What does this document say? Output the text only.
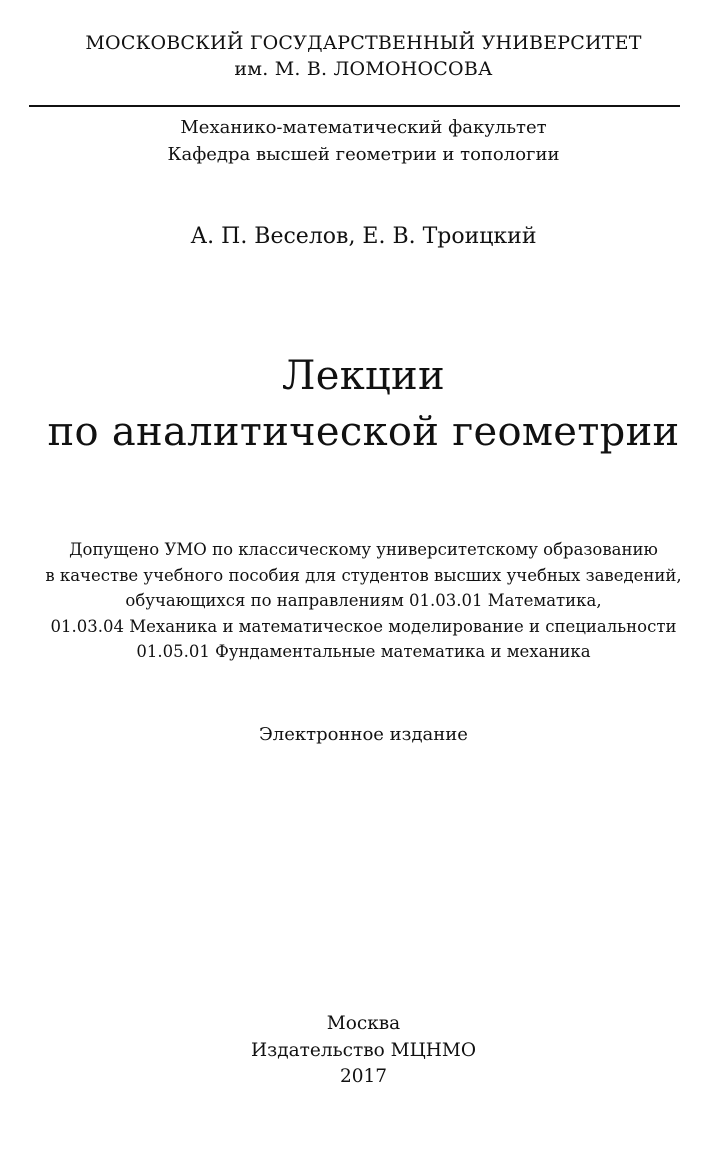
МОСКОВСКИЙ ГОСУДАРСТВЕННЫЙ УНИВЕРСИТЕТ
им. М. В. ЛОМОНОСОВА
Механико-математический факультет
Кафедра высшей геометрии и топологии
А. П. Веселов, Е. В. Троицкий
Лекции
по аналитической геометрии
Допущено УМО по классическому университетскому образованию
в качестве учебного пособия для студентов высших учебных заведений,
обучающихся по направлениям 01.03.01 Математика,
01.03.04 Механика и математическое моделирование и специальности
01.05.01 Фундаментальные математика и механика
Электронное издание
Москва
Издательство МЦНМО
2017
